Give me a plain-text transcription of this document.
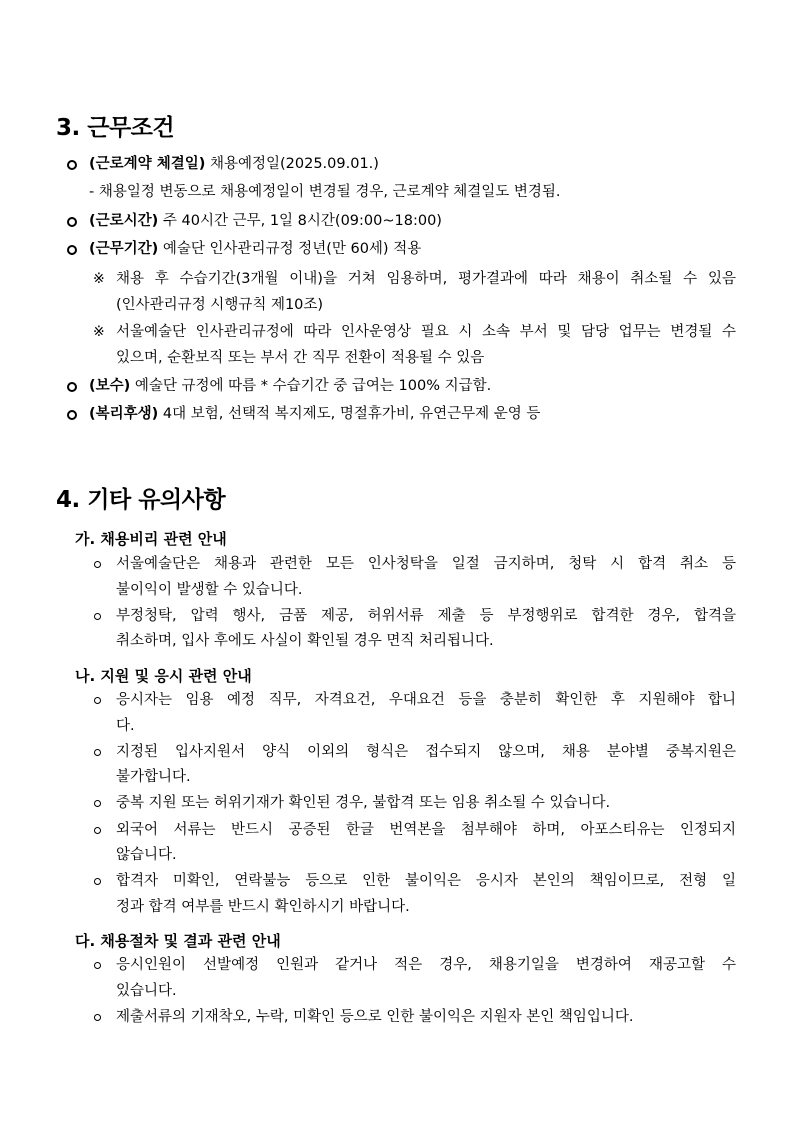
3. 근무조건
(근로계약 체결일) 채용예정일(2025.09.01.)
- 채용일정 변동으로 채용예정일이 변경될 경우, 근로계약 체결일도 변경됨.
(근로시간) 주 40시간 근무, 1일 8시간(09:00~18:00)
(근무기간) 예술단 인사관리규정 정년(만 60세) 적용
※ 채용 후 수습기간(3개월 이내)을 거쳐 임용하며, 평가결과에 따라 채용이 취소될 수 있음
(인사관리규정 시행규칙 제10조)
※ 서울예술단 인사관리규정에 따라 인사운영상 필요 시 소속 부서 및 담당 업무는 변경될 수
있으며, 순환보직 또는 부서 간 직무 전환이 적용될 수 있음
(보수) 예술단 규정에 따름 * 수습기간 중 급여는 100% 지급함.
(복리후생) 4대 보험, 선택적 복지제도, 명절휴가비, 유연근무제 운영 등
4. 기타 유의사항
가. 채용비리 관련 안내
서울예술단은 채용과 관련한 모든 인사청탁을 일절 금지하며, 청탁 시 합격 취소 등
불이익이 발생할 수 있습니다.
부정청탁, 압력 행사, 금품 제공, 허위서류 제출 등 부정행위로 합격한 경우, 합격을
취소하며, 입사 후에도 사실이 확인될 경우 면직 처리됩니다.
나. 지원 및 응시 관련 안내
응시자는 임용 예정 직무, 자격요건, 우대요건 등을 충분히 확인한 후 지원해야 합니
다.
지정된 입사지원서 양식 이외의 형식은 접수되지 않으며, 채용 분야별 중복지원은
불가합니다.
중복 지원 또는 허위기재가 확인된 경우, 불합격 또는 임용 취소될 수 있습니다.
외국어 서류는 반드시 공증된 한글 번역본을 첨부해야 하며, 아포스티유는 인정되지
않습니다.
합격자 미확인, 연락불능 등으로 인한 불이익은 응시자 본인의 책임이므로, 전형 일
정과 합격 여부를 반드시 확인하시기 바랍니다.
다. 채용절차 및 결과 관련 안내
응시인원이 선발예정 인원과 같거나 적은 경우, 채용기일을 변경하여 재공고할 수
있습니다.
제출서류의 기재착오, 누락, 미확인 등으로 인한 불이익은 지원자 본인 책임입니다.
